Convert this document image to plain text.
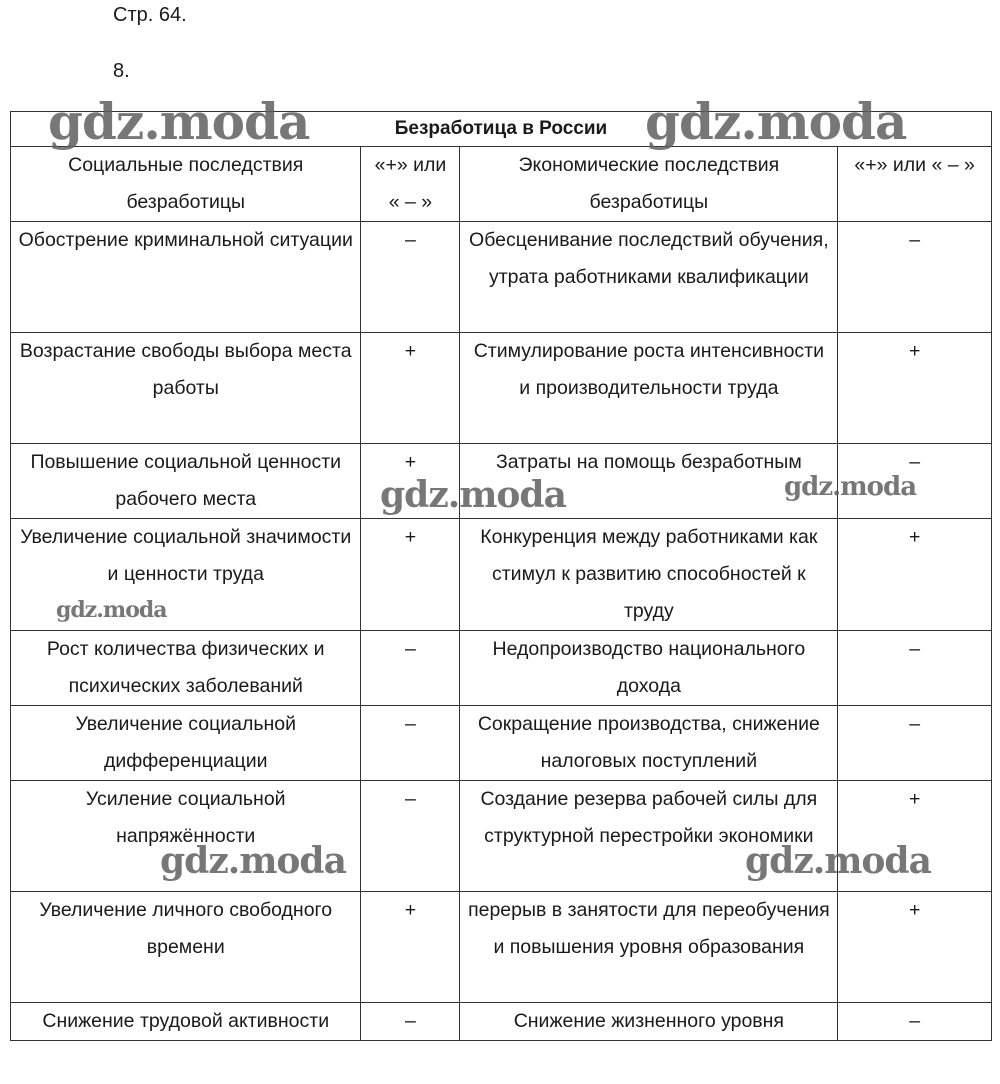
Стр. 64.
8.
Безработица в России			
Социальные последствия безработицы	«+» или « – »	Экономические последствия безработицы	«+» или « – »
Обострение криминальной ситуации	–	Обесценивание последствий обучения, утрата работниками квалификации	–
Возрастание свободы выбора места работы	+	Стимулирование роста интенсивности и производительности труда	+
Повышение социальной ценности рабочего места	+	Затраты на помощь безработным	–
Увеличение социальной значимости и ценности труда	+	Конкуренция между работниками как стимул к развитию способностей к труду	+
Рост количества физических и психических заболеваний	–	Недопроизводство национального дохода	–
Увеличение социальной дифференциации	–	Сокращение производства, снижение налоговых поступлений	–
Усиление социальной напряжённости	–	Создание резерва рабочей силы для структурной перестройки экономики	+
Увеличение личного свободного времени	+	перерыв в занятости для переобучения и повышения уровня образования	+
Снижение трудовой активности	–	Снижение жизненного уровня	–
gdz.moda	gdz.moda
gdz.moda	gdz.moda
gdz.moda
gdz.moda	gdz.moda
